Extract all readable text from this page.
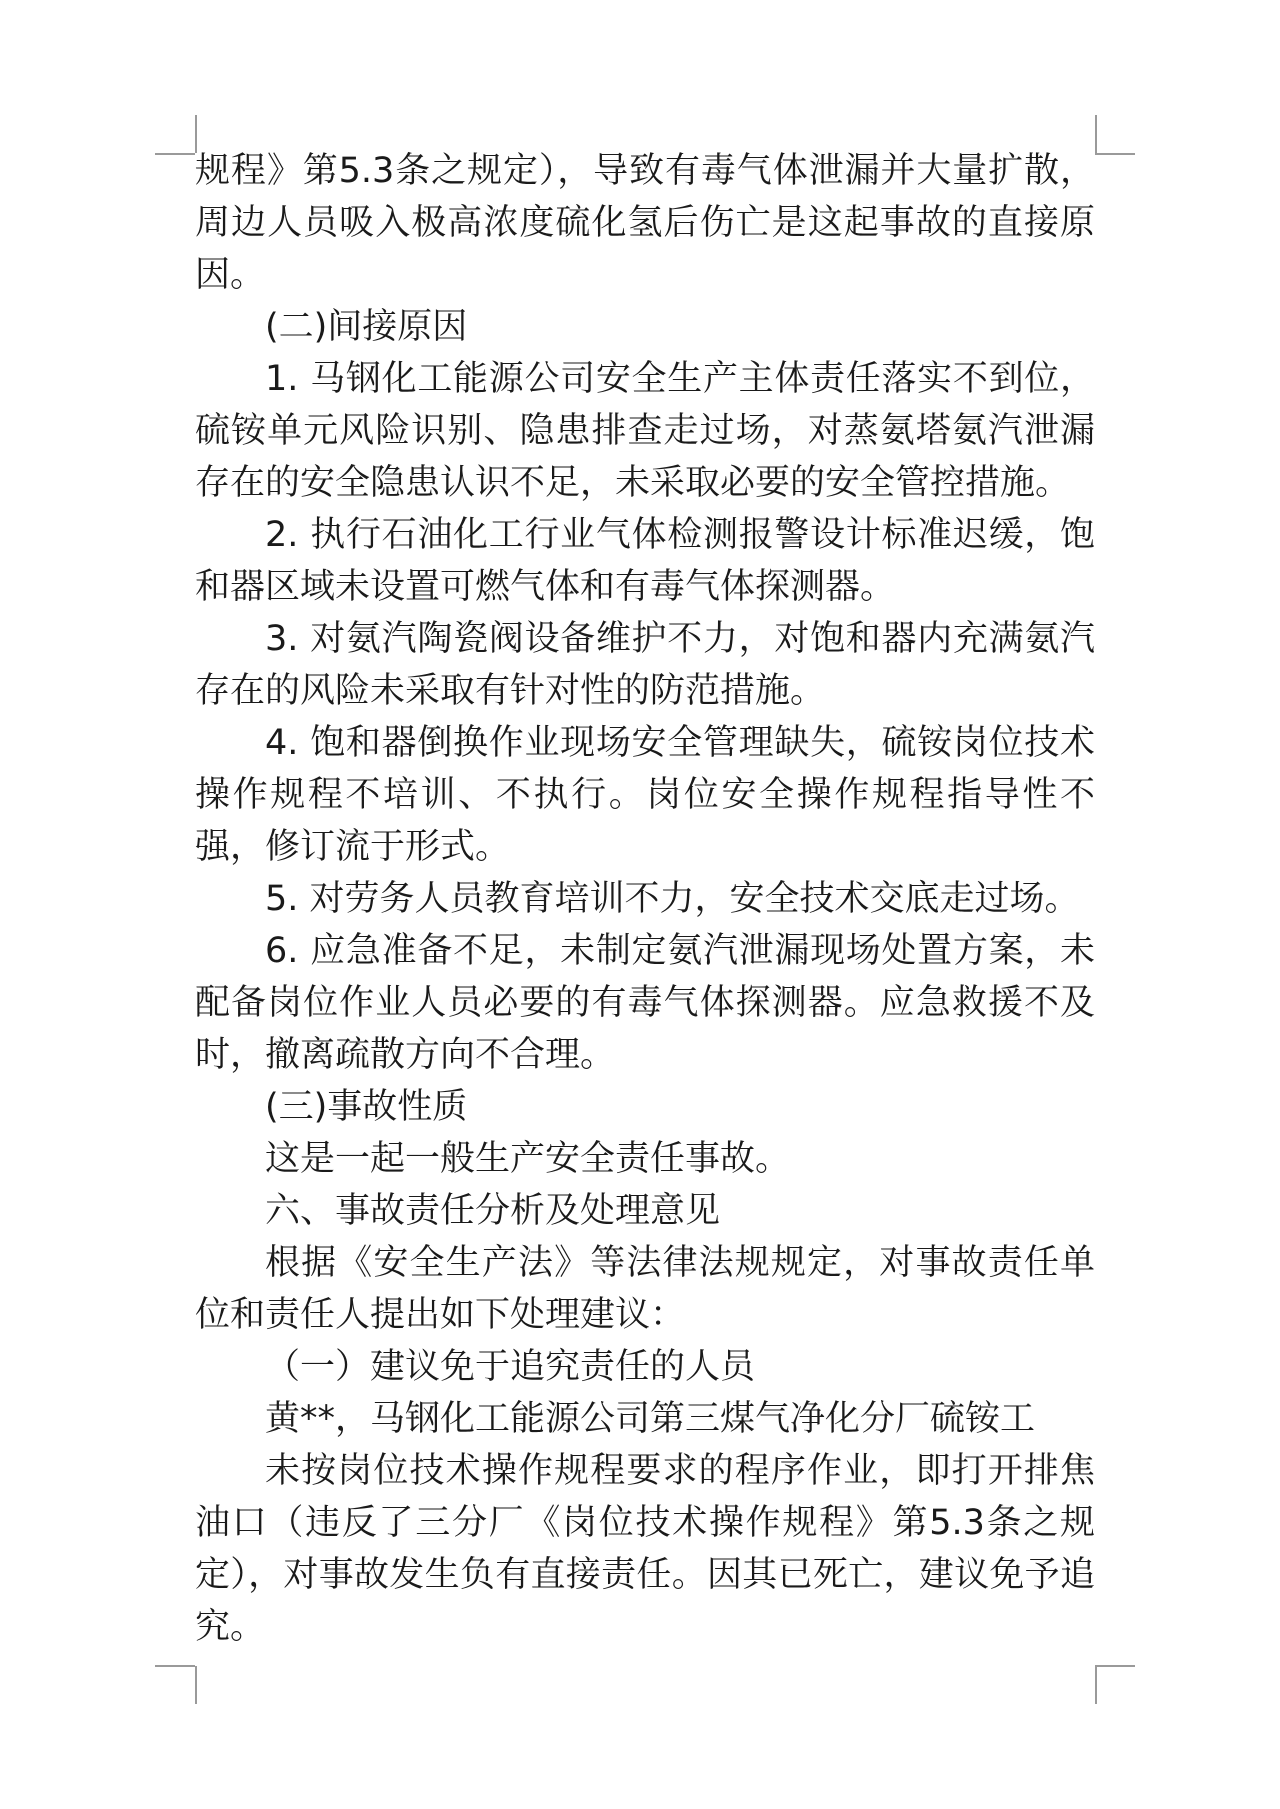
规程》第5.3条之规定），导致有毒气体泄漏并大量扩散，周边人员吸入极高浓度硫化氢后伤亡是这起事故的直接原因。

(二)间接原因

1. 马钢化工能源公司安全生产主体责任落实不到位，硫铵单元风险识别、隐患排查走过场，对蒸氨塔氨汽泄漏存在的安全隐患认识不足，未采取必要的安全管控措施。

2. 执行石油化工行业气体检测报警设计标准迟缓，饱和器区域未设置可燃气体和有毒气体探测器。

3. 对氨汽陶瓷阀设备维护不力，对饱和器内充满氨汽存在的风险未采取有针对性的防范措施。

4. 饱和器倒换作业现场安全管理缺失，硫铵岗位技术操作规程不培训、不执行。岗位安全操作规程指导性不强，修订流于形式。

5. 对劳务人员教育培训不力，安全技术交底走过场。

6. 应急准备不足，未制定氨汽泄漏现场处置方案，未配备岗位作业人员必要的有毒气体探测器。应急救援不及时，撤离疏散方向不合理。

(三)事故性质

这是一起一般生产安全责任事故。

六、事故责任分析及处理意见

根据《安全生产法》等法律法规规定，对事故责任单位和责任人提出如下处理建议：

（一）建议免于追究责任的人员

黄**，马钢化工能源公司第三煤气净化分厂硫铵工

未按岗位技术操作规程要求的程序作业，即打开排焦油口（违反了三分厂《岗位技术操作规程》第5.3条之规定），对事故发生负有直接责任。因其已死亡，建议免予追究。
